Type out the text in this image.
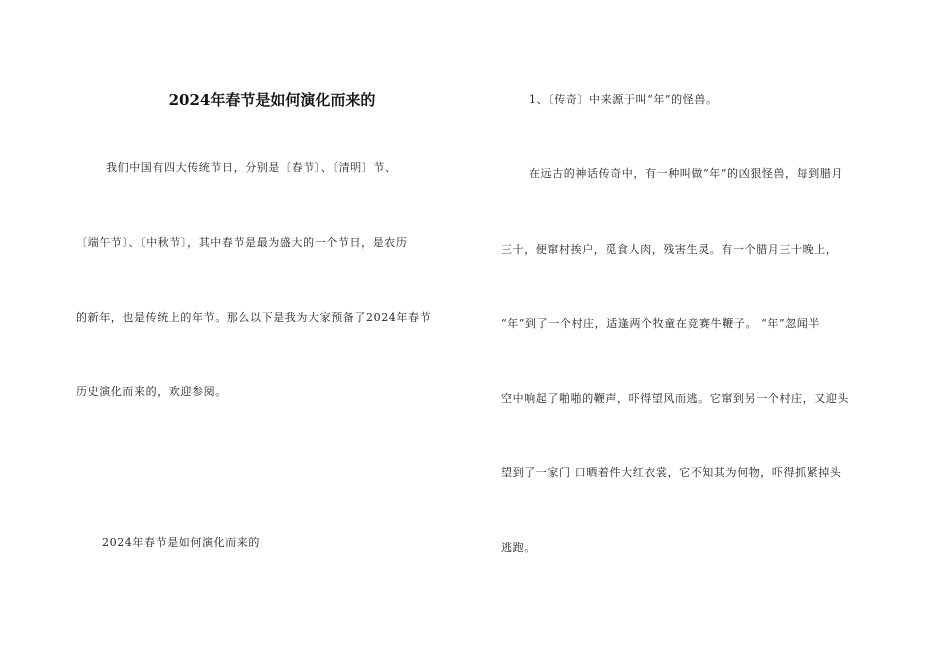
2024年春节是如何演化而来的
我们中国有四大传统节日，分别是〔春节〕、〔清明〕节、
〔端午节〕、〔中秋节〕，其中春节是最为盛大的一个节日，是农历
的新年，也是传统上的年节。那么以下是我为大家预备了2024年春节
历史演化而来的，欢迎参阅。
2024年春节是如何演化而来的
1、〔传奇〕中来源于叫“年”的怪兽。
在远古的神话传奇中，有一种叫做“年”的凶狠怪兽，每到腊月
三十，便窜村挨户，觅食人肉，残害生灵。有一个腊月三十晚上，
“年”到了一个村庄，适逢两个牧童在竞赛牛鞭子。 “年”忽闻半
空中响起了啪啪的鞭声，吓得望风而逃。它窜到另一个村庄，又迎头
望到了一家门 口晒着件大红衣裳，它不知其为何物，吓得抓紧掉头
逃跑。
